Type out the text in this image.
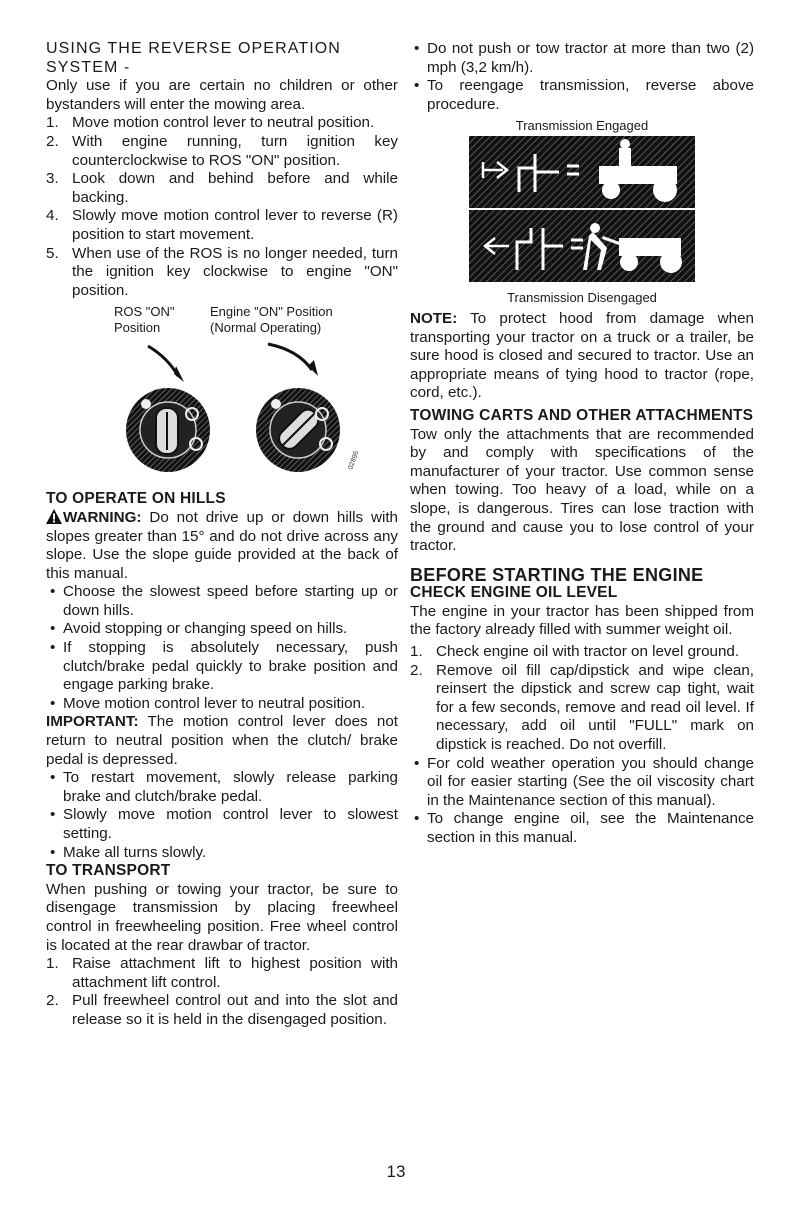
USING THE REVERSE OPERATION SYSTEM -

Only use if you are certain no children or other bystanders will enter the mowing area.

1. Move motion control lever to neutral position.
2. With engine running, turn ignition key counterclockwise to ROS "ON" position.
3. Look down and behind before and while backing.
4. Slowly move motion control lever to reverse (R) position to start movement.
5. When use of the ROS is no longer needed, turn the ignition key clockwise to engine "ON" position.
ROS "ON"
Position
Engine "ON" Position
(Normal Operating)
02895

TO OPERATE ON HILLS

WARNING: Do not drive up or down hills with slopes greater than 15° and do not drive across any slope. Use the slope guide provided at the back of this manual.

• Choose the slowest speed before starting up or down hills.
• Avoid stopping or changing speed on hills.
• If stopping is absolutely necessary, push clutch/brake pedal quickly to brake position and engage parking brake.
• Move motion control lever to neutral position.

IMPORTANT: The motion control lever does not return to neutral position when the clutch/ brake pedal is depressed.

• To restart movement, slowly release parking brake and clutch/brake pedal.
• Slowly move motion control lever to slowest setting.
• Make all turns slowly.

TO TRANSPORT

When pushing or towing your tractor, be sure to disengage transmission by placing freewheel control in freewheeling position. Free wheel control is located at the rear drawbar of tractor.

1. Raise attachment lift to highest position with attachment lift control.
2. Pull freewheel control out and into the slot and release so it is held in the disengaged position.
• Do not push or tow tractor at more than two (2) mph (3,2 km/h).
• To reengage transmission, reverse above procedure.
Transmission Engaged
Transmission Disengaged

NOTE: To protect hood from damage when transporting your tractor on a truck or a trailer, be sure hood is closed and secured to tractor. Use an appropriate means of tying hood to tractor (rope, cord, etc.).

TOWING CARTS AND OTHER ATTACHMENTS

Tow only the attachments that are recommended by and comply with specifications of the manufacturer of your tractor. Use common sense when towing. Too heavy of a load, while on a slope, is dangerous. Tires can lose traction with the ground and cause you to lose control of your tractor.

BEFORE STARTING THE ENGINE

CHECK ENGINE OIL LEVEL

The engine in your tractor has been shipped from the factory already filled with summer weight oil.

1. Check engine oil with tractor on level ground.
2. Remove oil fill cap/dipstick and wipe clean, reinsert the dipstick and screw cap tight, wait for a few seconds, remove and read oil level. If necessary, add oil until "FULL" mark on dipstick is reached. Do not overfill.
• For cold weather operation you should change oil for easier starting (See the oil viscosity chart in the Maintenance section of this manual).
• To change engine oil, see the Maintenance section in this manual.
13
